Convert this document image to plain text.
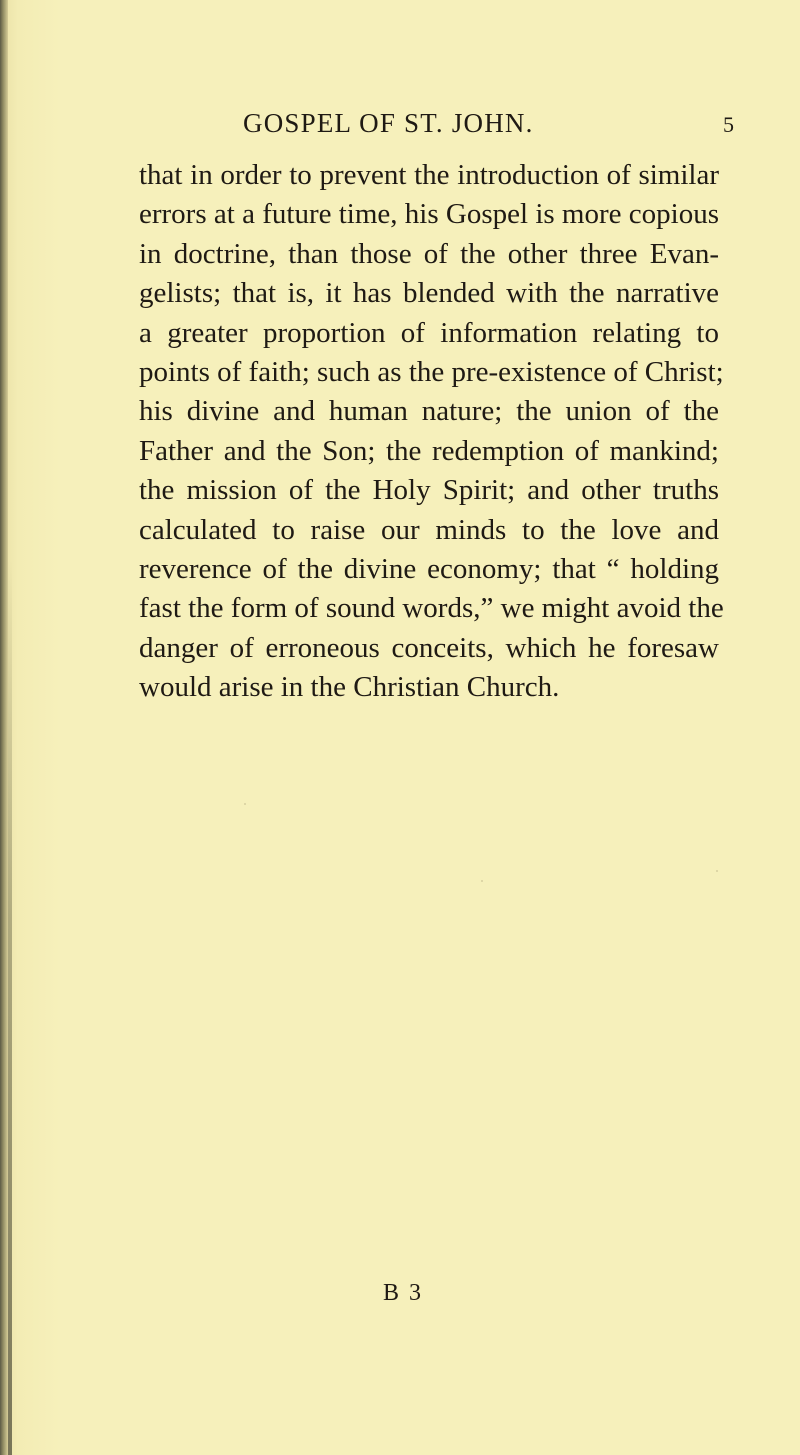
GOSPEL OF ST. JOHN.	5
that in order to prevent the introduction of similar
errors at a future time, his Gospel is more copious
in doctrine, than those of the other three Evan-
gelists; that is, it has blended with the narrative
a greater proportion of information relating to
points of faith; such as the pre-existence of Christ;
his divine and human nature; the union of the
Father and the Son; the redemption of mankind;
the mission of the Holy Spirit; and other truths
calculated to raise our minds to the love and
reverence of the divine economy; that “ holding
fast the form of sound words,” we might avoid the
danger of erroneous conceits, which he foresaw
would arise in the Christian Church.
B 3
